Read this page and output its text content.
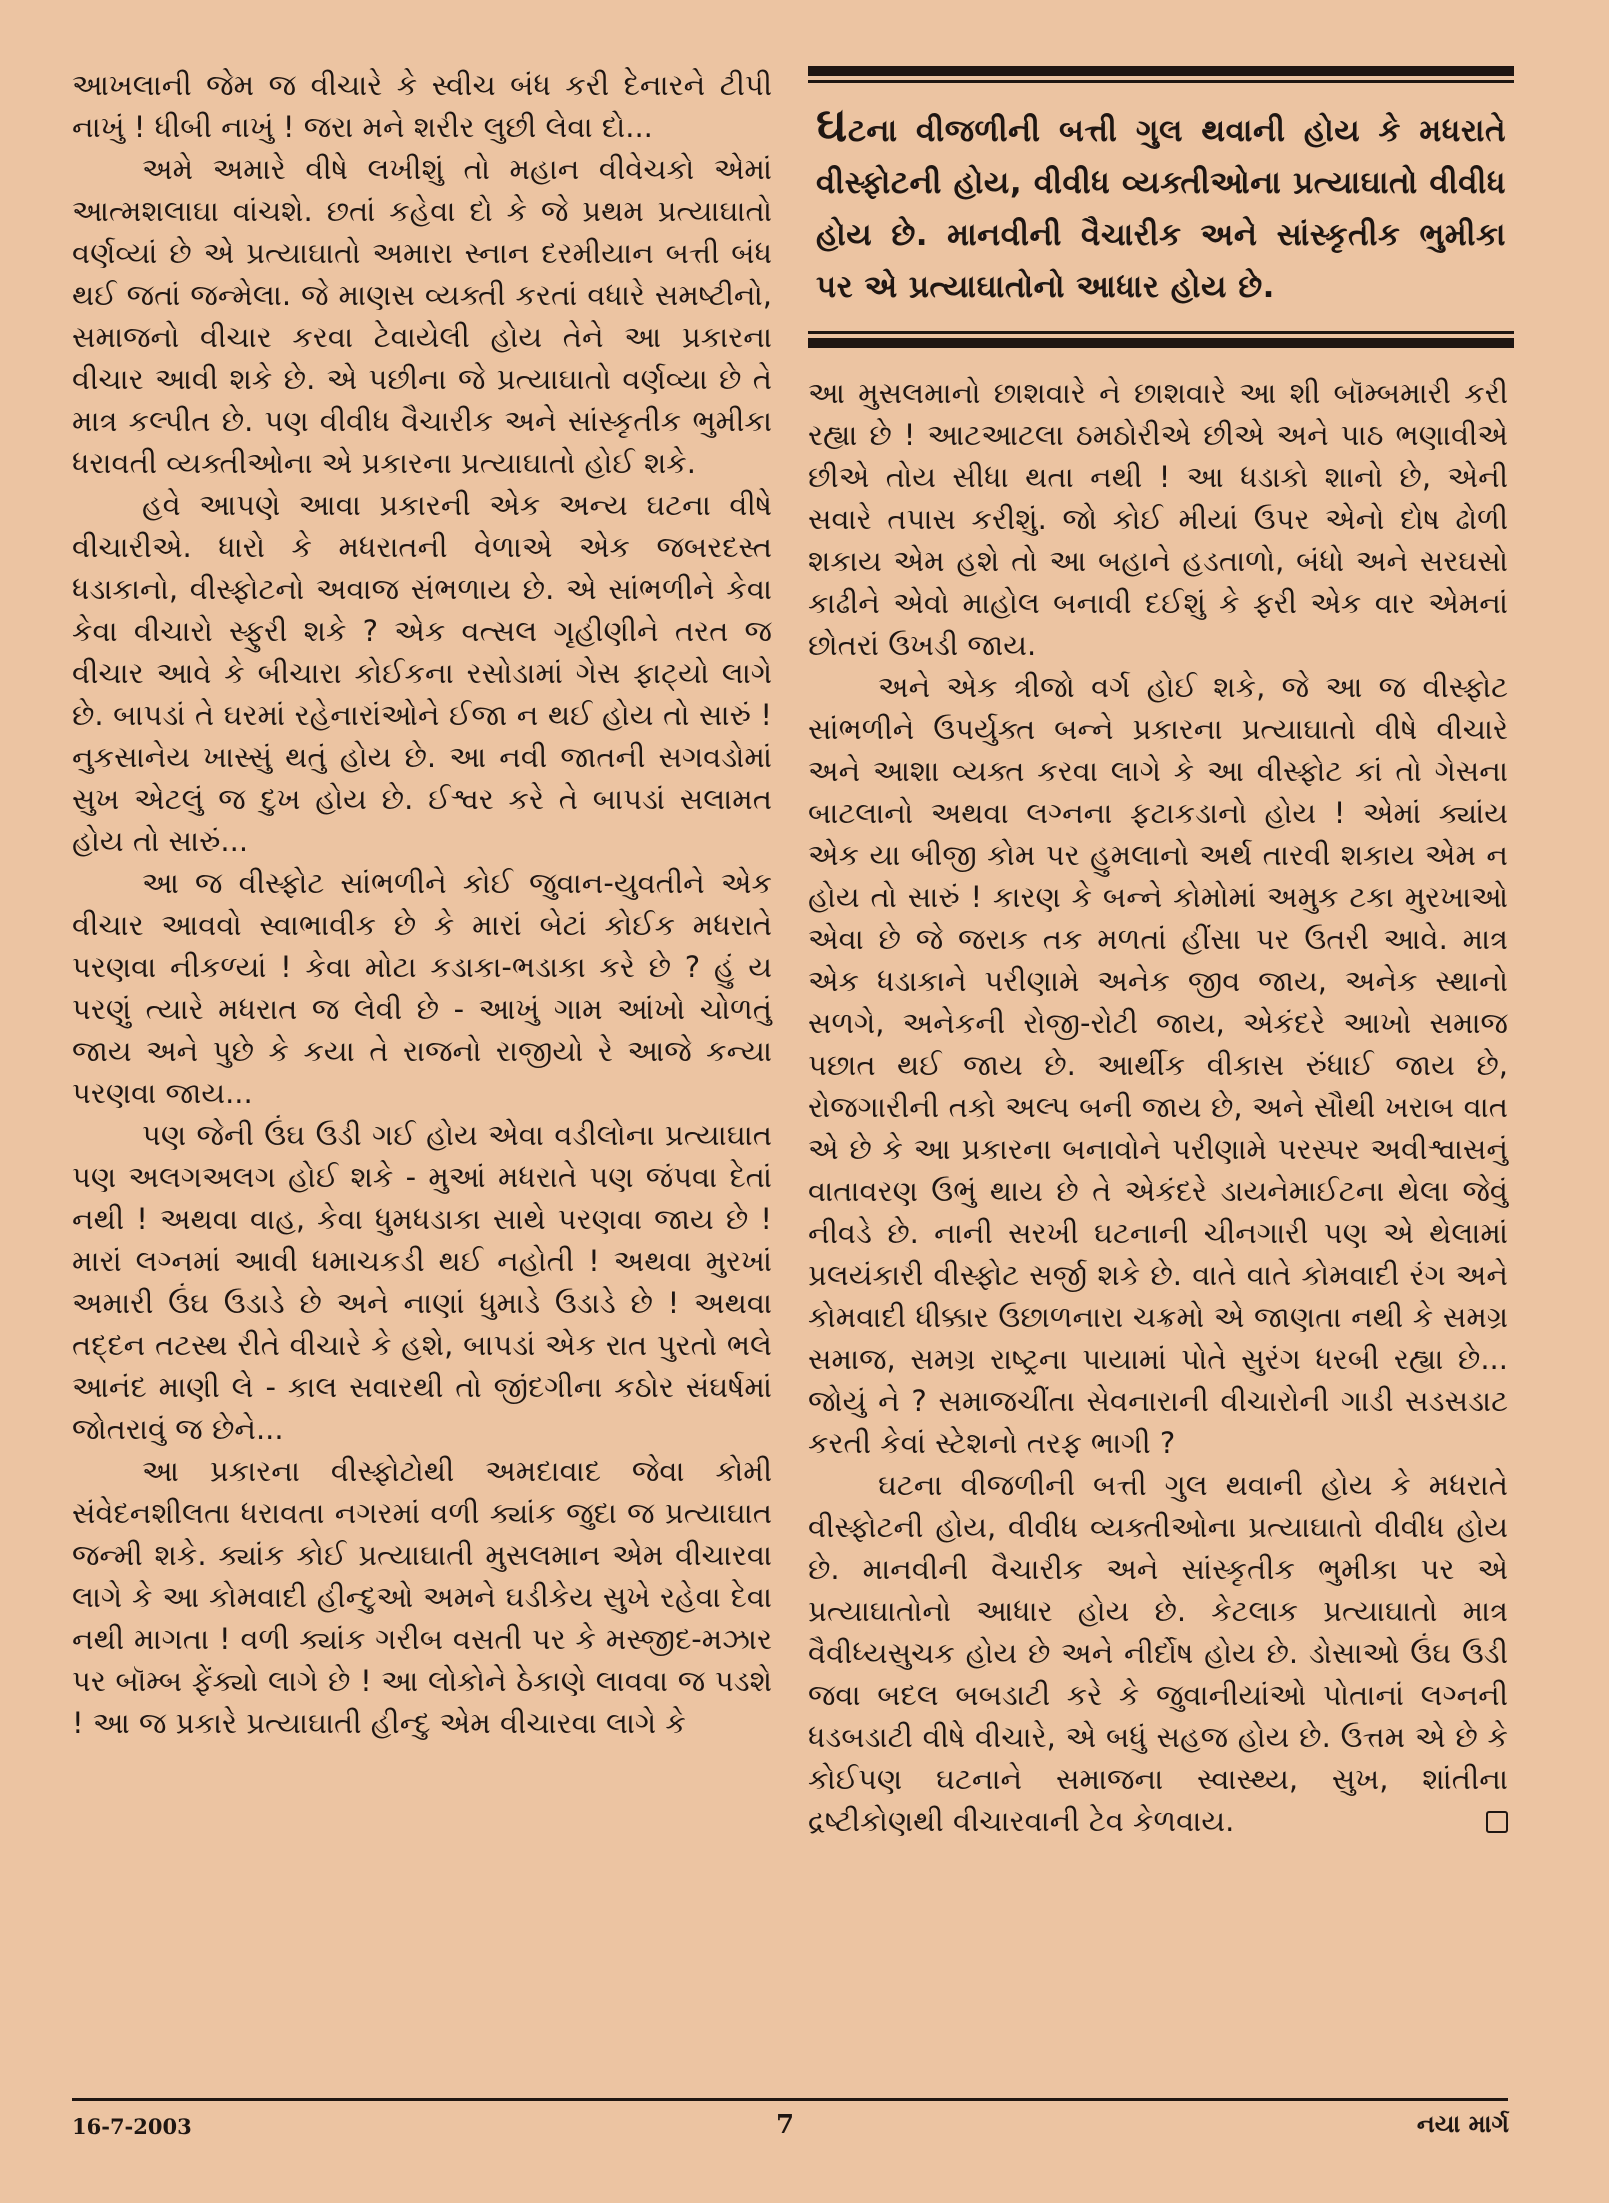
આખલાની જેમ જ વીચારે કે સ્વીચ બંધ કરી દેનારને ટીપી નાખું ! ધીબી નાખું ! જરા મને શરીર લુછી લેવા દો...

અમે અમારે વીષે લખીશું તો મહાન વીવેચકો એમાં આત્મશલાઘા વાંચશે. છતાં કહેવા દો કે જે પ્રથમ પ્રત્યાઘાતો વર્ણવ્યાં છે એ પ્રત્યાઘાતો અમારા સ્નાન દરમીયાન બત્તી બંધ થઈ જતાં જન્મેલા. જે માણસ વ્યક્તી કરતાં વધારે સમષ્ટીનો, સમાજનો વીચાર કરવા ટેવાયેલી હોય તેને આ પ્રકારના વીચાર આવી શકે છે. એ પછીના જે પ્રત્યાઘાતો વર્ણવ્યા છે તે માત્ર કલ્પીત છે. પણ વીવીધ વૈચારીક અને સાંસ્કૃતીક ભુમીકા ધરાવતી વ્યક્તીઓના એ પ્રકારના પ્રત્યાઘાતો હોઈ શકે.

હવે આપણે આવા પ્રકારની એક અન્ય ઘટના વીષે વીચારીએ. ધારો કે મધરાતની વેળાએ એક જબરદસ્ત ધડાકાનો, વીસ્ફોટનો અવાજ સંભળાય છે. એ સાંભળીને કેવા કેવા વીચારો સ્ફુરી શકે ? એક વત્સલ ગૃહીણીને તરત જ વીચાર આવે કે બીચારા કોઈકના રસોડામાં ગેસ ફાટ્યો લાગે છે. બાપડાં તે ઘરમાં રહેનારાંઓને ઈજા ન થઈ હોય તો સારું ! નુકસાનેય ખાસ્સું થતું હોય છે. આ નવી જાતની સગવડોમાં સુખ એટલું જ દુખ હોય છે. ઈશ્વર કરે તે બાપડાં સલામત હોય તો સારું...

આ જ વીસ્ફોટ સાંભળીને કોઈ જુવાન-યુવતીને એક વીચાર આવવો સ્વાભાવીક છે કે મારાં બેટાં કોઈક મધરાતે પરણવા નીકળ્યાં ! કેવા મોટા કડાકા-ભડાકા કરે છે ? હું ય પરણું ત્યારે મધરાત જ લેવી છે - આખું ગામ આંખો ચોળતું જાય અને પુછે કે કયા તે રાજનો રાજીયો રે આજે કન્યા પરણવા જાય...

પણ જેની ઉંઘ ઉડી ગઈ હોય એવા વડીલોના પ્રત્યાઘાત પણ અલગઅલગ હોઈ શકે - મુઆં મધરાતે પણ જંપવા દેતાં નથી ! અથવા વાહ, કેવા ધુમધડાકા સાથે પરણવા જાય છે ! મારાં લગ્નમાં આવી ધમાચકડી થઈ નહોતી ! અથવા મુરખાં અમારી ઉંઘ ઉડાડે છે અને નાણાં ધુમાડે ઉડાડે છે ! અથવા તદ્દન તટસ્થ રીતે વીચારે કે હશે, બાપડાં એક રાત પુરતો ભલે આનંદ માણી લે - કાલ સવારથી તો જીંદગીના કઠોર સંઘર્ષમાં જોતરાવું જ છેને...

આ પ્રકારના વીસ્ફોટોથી અમદાવાદ જેવા કોમી સંવેદનશીલતા ધરાવતા નગરમાં વળી ક્યાંક જુદા જ પ્રત્યાઘાત જન્મી શકે. ક્યાંક કોઈ પ્રત્યાઘાતી મુસલમાન એમ વીચારવા લાગે કે આ કોમવાદી હીન્દુઓ અમને ઘડીકેય સુખે રહેવા દેવા નથી માગતા ! વળી ક્યાંક ગરીબ વસતી પર કે મસ્જીદ-મઝાર પર બૉમ્બ ફેંક્યો લાગે છે ! આ લોકોને ઠેકાણે લાવવા જ પડશે ! આ જ પ્રકારે પ્રત્યાઘાતી હીન્દુ એમ વીચારવા લાગે કે

ઘટના વીજળીની બત્તી ગુલ થવાની હોય કે મધરાતે વીસ્ફોટની હોય, વીવીધ વ્યક્તીઓના પ્રત્યાઘાતો વીવીધ હોય છે. માનવીની વૈચારીક અને સાંસ્કૃતીક ભુમીકા પર એ પ્રત્યાઘાતોનો આધાર હોય છે.

આ મુસલમાનો છાશવારે ને છાશવારે આ શી બૉમ્બમારી કરી રહ્યા છે ! આટઆટલા ઠમઠોરીએ છીએ અને પાઠ ભણાવીએ છીએ તોય સીધા થતા નથી ! આ ધડાકો શાનો છે, એની સવારે તપાસ કરીશું. જો કોઈ મીયાં ઉપર એનો દોષ ઢોળી શકાય એમ હશે તો આ બહાને હડતાળો, બંધો અને સરઘસો કાઢીને એવો માહોલ બનાવી દઈશું કે ફરી એક વાર એમનાં છોતરાં ઉખડી જાય.

અને એક ત્રીજો વર્ગ હોઈ શકે, જે આ જ વીસ્ફોટ સાંભળીને ઉપર્યુક્ત બન્ને પ્રકારના પ્રત્યાઘાતો વીષે વીચારે અને આશા વ્યક્ત કરવા લાગે કે આ વીસ્ફોટ કાં તો ગેસના બાટલાનો અથવા લગ્નના ફટાકડાનો હોય ! એમાં ક્યાંય એક યા બીજી કોમ પર હુમલાનો અર્થ તારવી શકાય એમ ન હોય તો સારું ! કારણ કે બન્ને કોમોમાં અમુક ટકા મુરખાઓ એવા છે જે જરાક તક મળતાં હીંસા પર ઉતરી આવે. માત્ર એક ધડાકાને પરીણામે અનેક જીવ જાય, અનેક સ્થાનો સળગે, અનેકની રોજી-રોટી જાય, એકંદરે આખો સમાજ પછાત થઈ જાય છે. આર્થીક વીકાસ રુંધાઈ જાય છે, રોજગારીની તકો અલ્પ બની જાય છે, અને સૌથી ખરાબ વાત એ છે કે આ પ્રકારના બનાવોને પરીણામે પરસ્પર અવીશ્વાસનું વાતાવરણ ઉભું થાય છે તે એકંદરે ડાયનેમાઈટના થેલા જેવું નીવડે છે. નાની સરખી ઘટનાની ચીનગારી પણ એ થેલામાં પ્રલયંકારી વીસ્ફોટ સર્જી શકે છે. વાતે વાતે કોમવાદી રંગ અને કોમવાદી ધીક્કાર ઉછાળનારા ચક્રમો એ જાણતા નથી કે સમગ્ર સમાજ, સમગ્ર રાષ્ટ્રના પાયામાં પોતે સુરંગ ધરબી રહ્યા છે... જોયું ને ? સમાજચીંતા સેવનારાની વીચારોની ગાડી સડસડાટ કરતી કેવાં સ્ટેશનો તરફ ભાગી ?

ઘટના વીજળીની બત્તી ગુલ થવાની હોય કે મધરાતે વીસ્ફોટની હોય, વીવીધ વ્યક્તીઓના પ્રત્યાઘાતો વીવીધ હોય છે. માનવીની વૈચારીક અને સાંસ્કૃતીક ભુમીકા પર એ પ્રત્યાઘાતોનો આધાર હોય છે. કેટલાક પ્રત્યાઘાતો માત્ર વૈવીધ્યસુચક હોય છે અને નીર્દોષ હોય છે. ડોસાઓ ઉંઘ ઉડી જવા બદલ બબડાટી કરે કે જુવાનીયાંઓ પોતાનાં લગ્નની ધડબડાટી વીષે વીચારે, એ બધું સહજ હોય છે. ઉત્તમ એ છે કે કોઈપણ ઘટનાને સમાજના સ્વાસ્થ્ય, સુખ, શાંતીના દ્રષ્ટીકોણથી વીચારવાની ટેવ કેળવાય.

16-7-2003	7	નયા માર્ગ
